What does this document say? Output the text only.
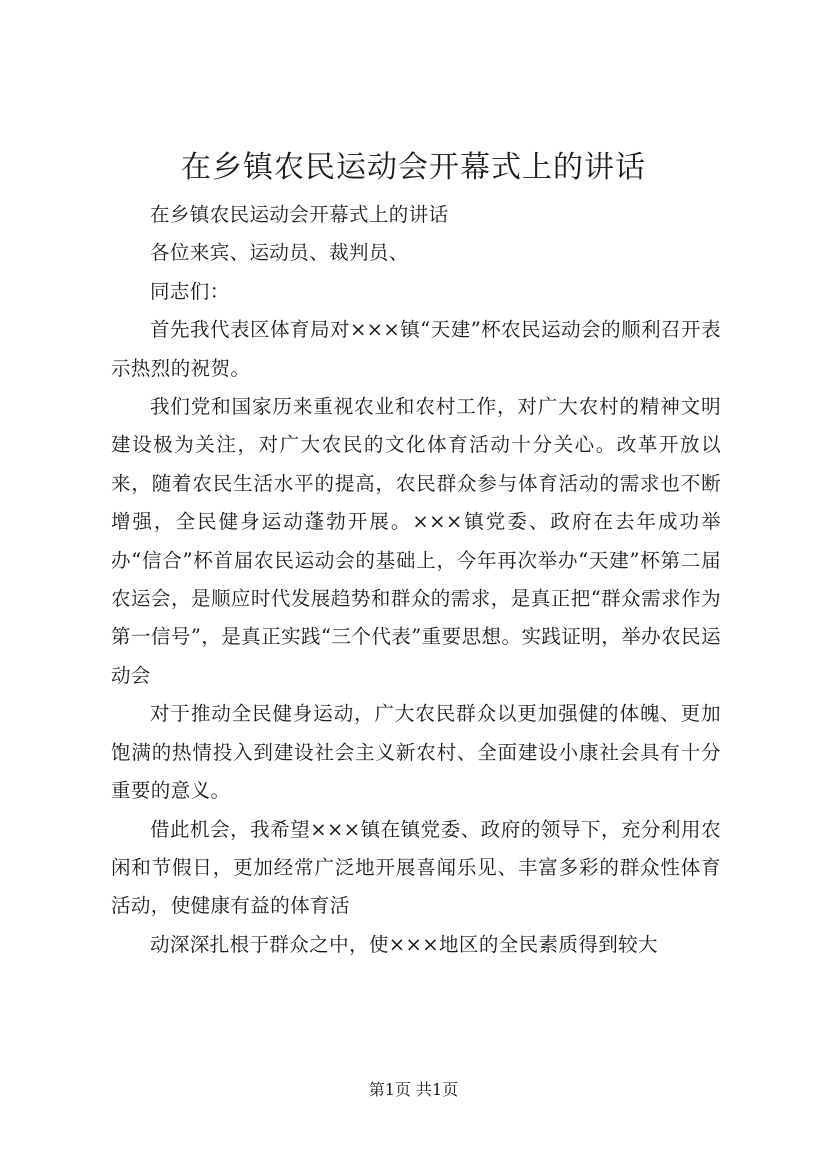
在乡镇农民运动会开幕式上的讲话

在乡镇农民运动会开幕式上的讲话

各位来宾、运动员、裁判员、

同志们：

首先我代表区体育局对×××镇“天建”杯农民运动会的顺利召开表示热烈的祝贺。

我们党和国家历来重视农业和农村工作，对广大农村的精神文明建设极为关注，对广大农民的文化体育活动十分关心。改革开放以来，随着农民生活水平的提高，农民群众参与体育活动的需求也不断增强，全民健身运动蓬勃开展。×××镇党委、政府在去年成功举办“信合”杯首届农民运动会的基础上，今年再次举办“天建”杯第二届农运会，是顺应时代发展趋势和群众的需求，是真正把“群众需求作为第一信号”，是真正实践“三个代表”重要思想。实践证明，举办农民运动会

对于推动全民健身运动，广大农民群众以更加强健的体魄、更加饱满的热情投入到建设社会主义新农村、全面建设小康社会具有十分重要的意义。

借此机会，我希望×××镇在镇党委、政府的领导下，充分利用农闲和节假日，更加经常广泛地开展喜闻乐见、丰富多彩的群众性体育活动，使健康有益的体育活

动深深扎根于群众之中，使×××地区的全民素质得到较大

第1页 共1页
